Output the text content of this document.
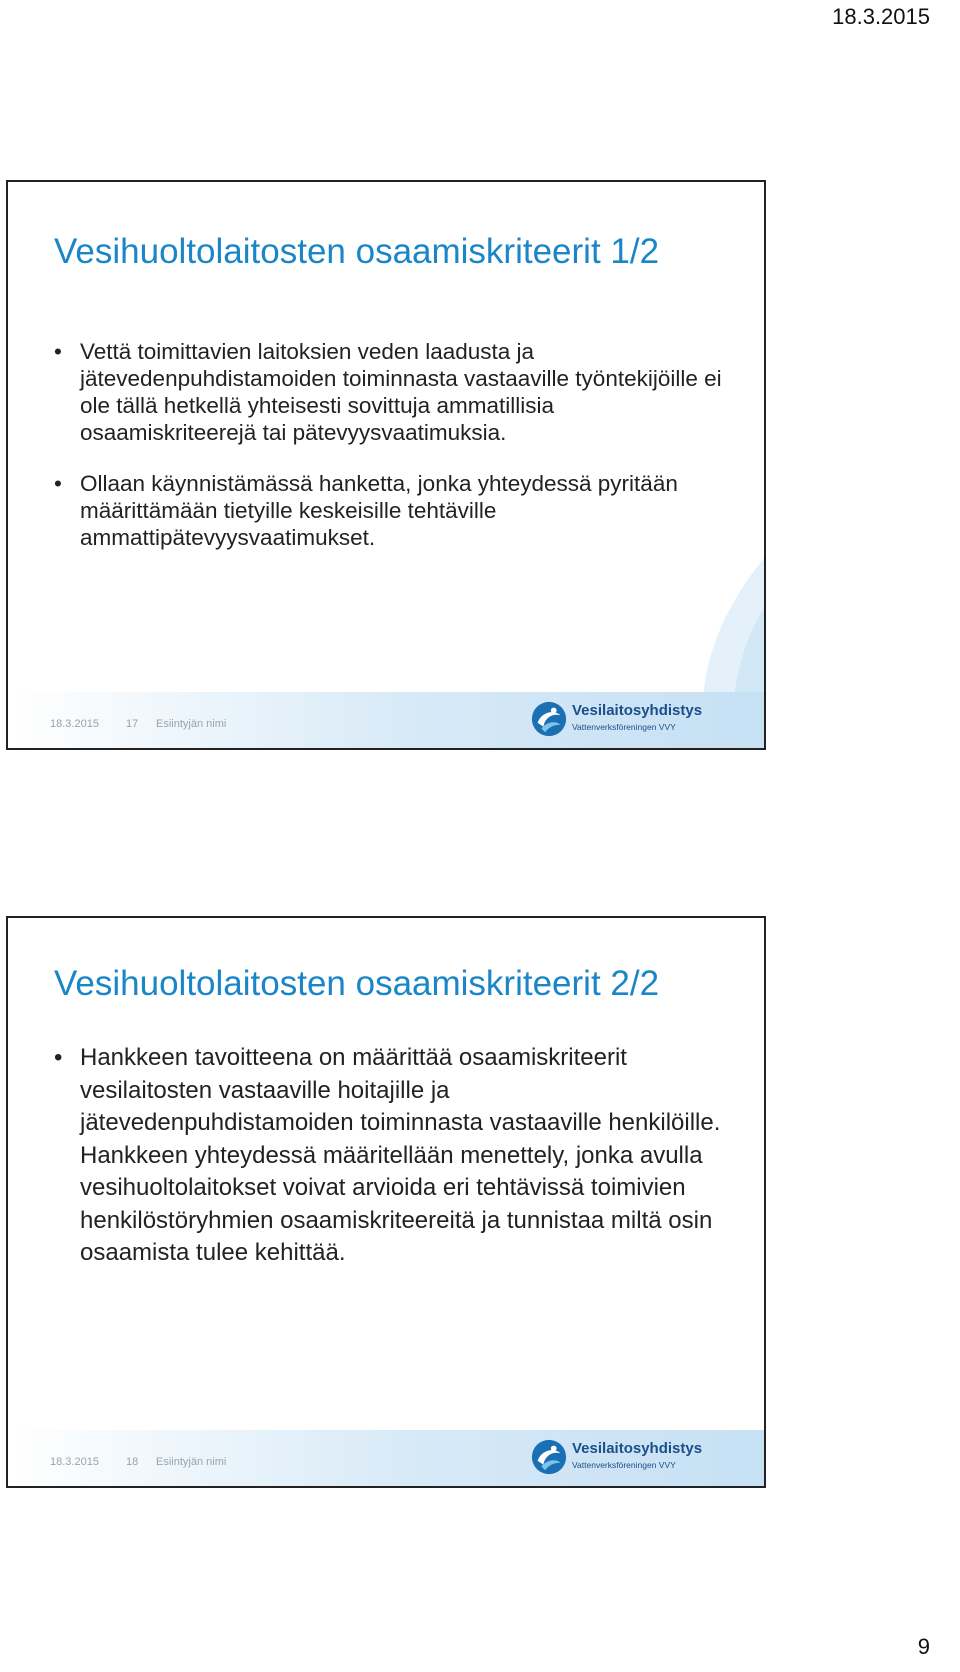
18.3.2015
Vesihuoltolaitosten osaamiskriteerit 1/2
• Vettä toimittavien laitoksien veden laadusta ja jätevedenpuhdistamoiden toiminnasta vastaaville työntekijöille ei ole tällä hetkellä yhteisesti sovittuja ammatillisia osaamiskriteerejä tai pätevyysvaatimuksia.
• Ollaan käynnistämässä hanketta, jonka yhteydessä pyritään määrittämään tietyille keskeisille tehtäville ammattipätevyysvaatimukset.
18.3.2015 17 Esiintyjän nimi
Vesilaitosyhdistys
Vattenverksföreningen VVY
Vesihuoltolaitosten osaamiskriteerit 2/2
• Hankkeen tavoitteena on määrittää osaamiskriteerit vesilaitosten vastaaville hoitajille ja jätevedenpuhdistamoiden toiminnasta vastaaville henkilöille. Hankkeen yhteydessä määritellään menettely, jonka avulla vesihuoltolaitokset voivat arvioida eri tehtävissä toimivien henkilöstöryhmien osaamiskriteereitä ja tunnistaa miltä osin osaamista tulee kehittää.
18.3.2015 18 Esiintyjän nimi
Vesilaitosyhdistys
Vattenverksföreningen VVY
9
